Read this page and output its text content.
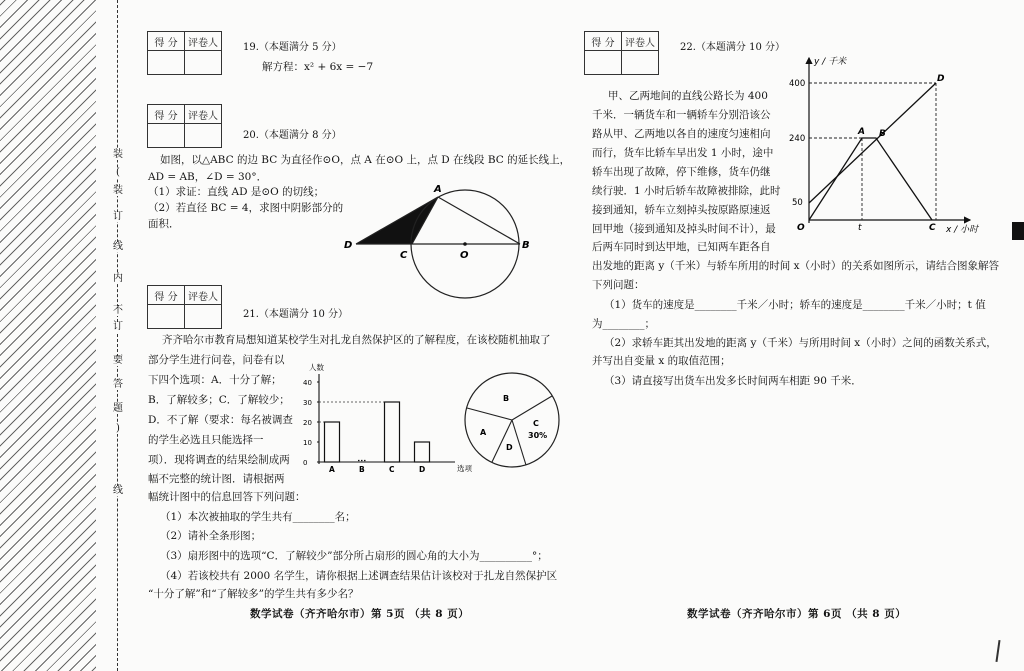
装
(
装
订
线
内
不
订
要
答
题
)
线
得 分	评卷人
		19.（本题满分 5 分）
解方程：x² + 6x = −7
得 分	评卷人

20.（本题满分 8 分）
如图，以△ABC 的边 BC 为直径作⊙O，点 A 在⊙O 上，点 D 在线段 BC 的延长线上，
AD = AB，∠D = 30°．
（1）求证：直线 AD 是⊙O 的切线；
（2）若直径 BC = 4，求图中阴影部分的
面积．
D
C	O
B
A
得 分	评卷人

21.（本题满分 10 分）
齐齐哈尔市教育局想知道某校学生对扎龙自然保护区的了解程度，在该校随机抽取了
部分学生进行问卷，问卷有以
下四个选项：A．十分了解；
B．了解较多；C．了解较少；
D．不了解（要求：每名被调查
的学生必选且只能选择一
项）．现将调查的结果绘制成两
幅不完整的统计图．请根据两
幅统计图中的信息回答下列问题：
（1）本次被抽取的学生共有________名；
（2）请补全条形图；
（3）扇形图中的选项“C．了解较少”部分所占扇形的圆心角的大小为__________°；
（4）若该校共有 2000 名学生，请你根据上述调查结果估计该校对于扎龙自然保护区
“十分了解”和“了解较多”的学生共有多少名？
人数
选项
0
10
20
30
40
A	B	C	D
B
A
D
C
30%
得 分	评卷人
		22.（本题满分 10 分）
甲、乙两地间的直线公路长为 400
千米．一辆货车和一辆轿车分别沿该公
路从甲、乙两地以各自的速度匀速相向
而行，货车比轿车早出发 1 小时，途中
轿车出现了故障，停下维修，货车仍继
续行驶．1 小时后轿车故障被排除，此时
接到通知，轿车立刻掉头按原路原速返
回甲地（接到通知及掉头时间不计），最
后两车同时到达甲地，已知两车距各自
出发地的距离 y（千米）与轿车所用的时间 x（小时）的关系如图所示，请结合图象解答
下列问题：
（1）货车的速度是________千米／小时；轿车的速度是________千米／小时；t 值
为________；
（2）求轿车距其出发地的距离 y（千米）与所用时间 x（小时）之间的函数关系式，
并写出自变量 x 的取值范围；
（3）请直接写出货车出发多长时间两车相距 90 千米．
y / 千米
x / 小时
400
240
50
O	t	C
A B
D
数学试卷（齐齐哈尔市）第 5页 （共 8 页）	数学试卷（齐齐哈尔市）第 6页 （共 8 页）
